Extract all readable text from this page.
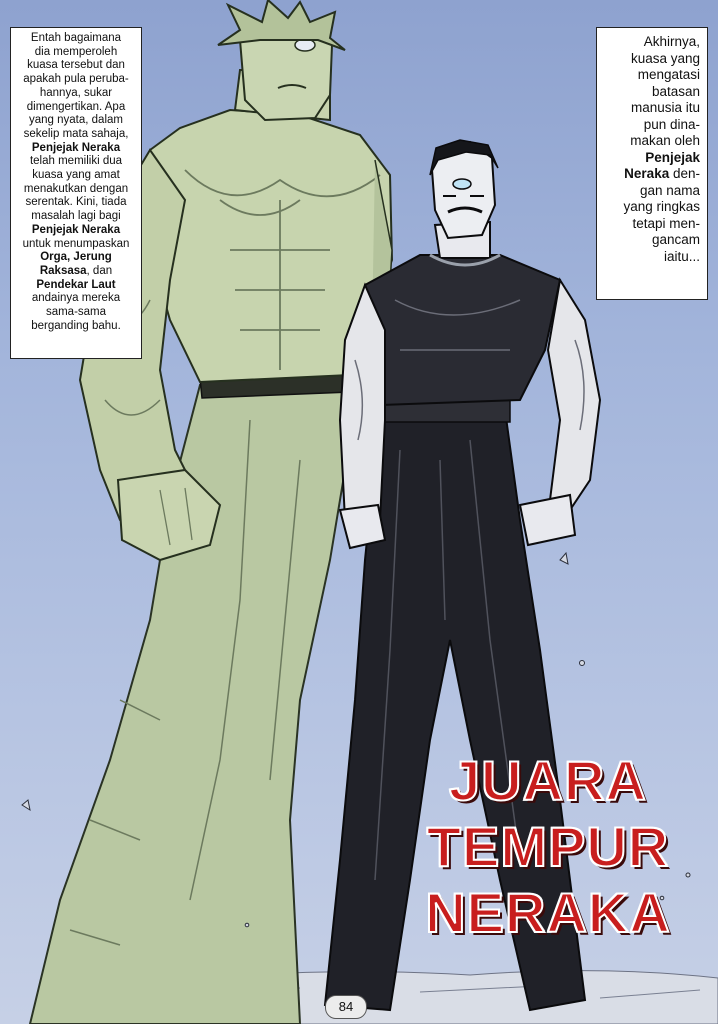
Entah bagaimana
dia memperoleh
kuasa tersebut dan
apakah pula peruba-
hannya, sukar
dimengertikan. Apa
yang nyata, dalam
sekelip mata sahaja,
Penjejak Neraka
telah memiliki dua
kuasa yang amat
menakutkan dengan
serentak. Kini, tiada
masalah lagi bagi
Penjejak Neraka
untuk menumpaskan
Orga, Jerung
Raksasa, dan
Pendekar Laut
andainya mereka
sama-sama
berganding bahu.
Akhirnya,
kuasa yang
mengatasi
batasan
manusia itu
pun dina-
makan oleh
Penjejak
Neraka den-
gan nama
yang ringkas
tetapi men-
gancam
iaitu...
JUARA
TEMPUR
NERAKA
84
